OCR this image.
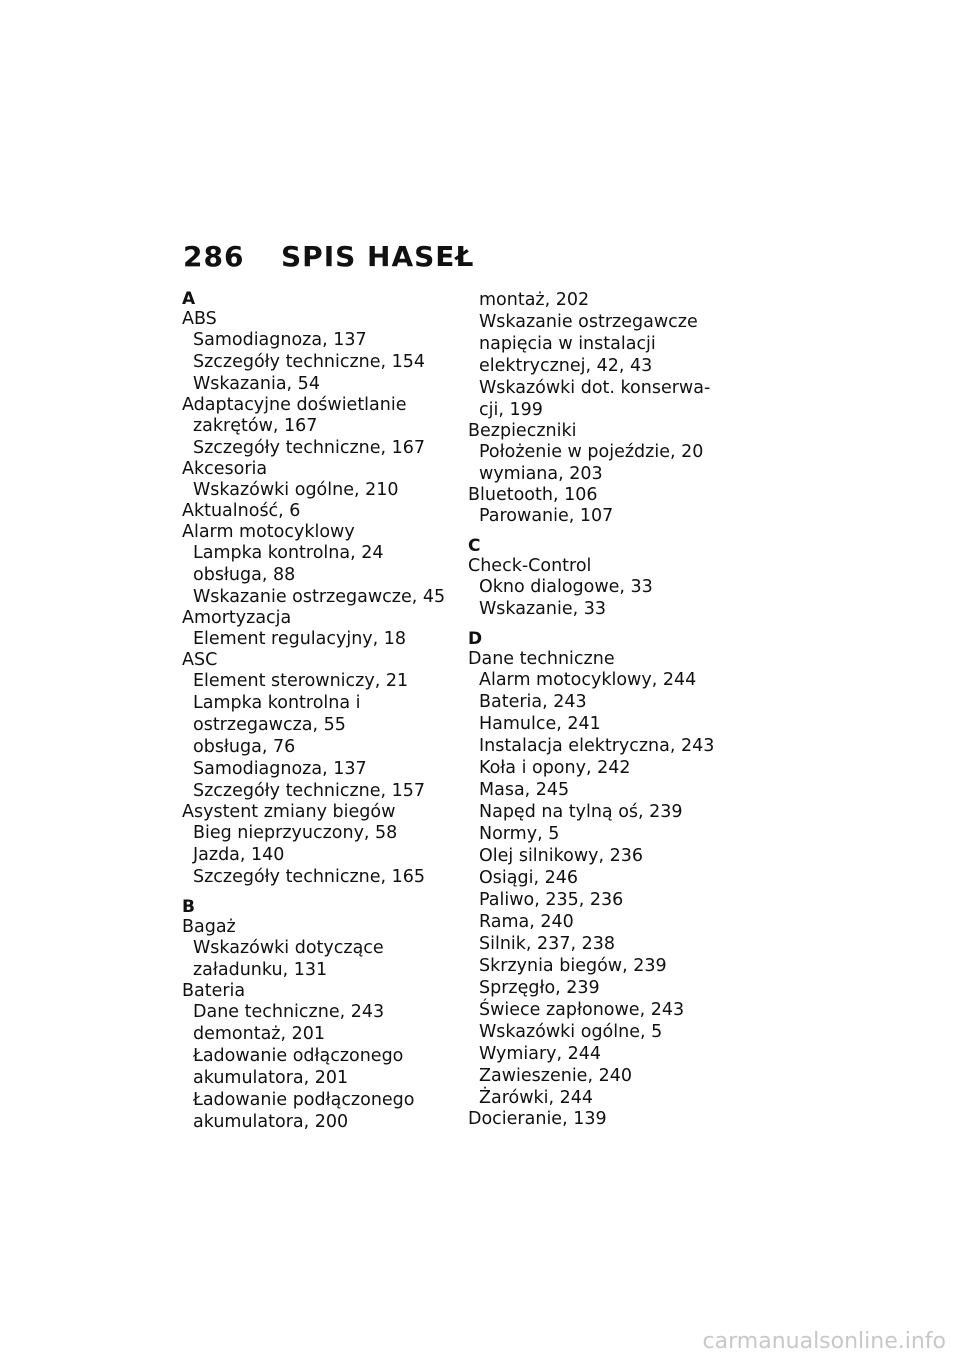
286 SPIS HASEŁ
A
ABS
Samodiagnoza, 137
Szczegóły techniczne, 154
Wskazania, 54
Adaptacyjne doświetlanie
zakrętów, 167
Szczegóły techniczne, 167
Akcesoria
Wskazówki ogólne, 210
Aktualność, 6
Alarm motocyklowy
Lampka kontrolna, 24
obsługa, 88
Wskazanie ostrzegawcze, 45
Amortyzacja
Element regulacyjny, 18
ASC
Element sterowniczy, 21
Lampka kontrolna i
ostrzegawcza, 55
obsługa, 76
Samodiagnoza, 137
Szczegóły techniczne, 157
Asystent zmiany biegów
Bieg nieprzyuczony, 58
Jazda, 140
Szczegóły techniczne, 165
B
Bagaż
Wskazówki dotyczące
załadunku, 131
Bateria
Dane techniczne, 243
demontaż, 201
Ładowanie odłączonego
akumulatora, 201
Ładowanie podłączonego
akumulatora, 200
montaż, 202
Wskazanie ostrzegawcze
napięcia w instalacji
elektrycznej, 42, 43
Wskazówki dot. konserwa-
cji, 199
Bezpieczniki
Położenie w pojeździe, 20
wymiana, 203
Bluetooth, 106
Parowanie, 107
C
Check-Control
Okno dialogowe, 33
Wskazanie, 33
D
Dane techniczne
Alarm motocyklowy, 244
Bateria, 243
Hamulce, 241
Instalacja elektryczna, 243
Koła i opony, 242
Masa, 245
Napęd na tylną oś, 239
Normy, 5
Olej silnikowy, 236
Osiągi, 246
Paliwo, 235, 236
Rama, 240
Silnik, 237, 238
Skrzynia biegów, 239
Sprzęgło, 239
Świece zapłonowe, 243
Wskazówki ogólne, 5
Wymiary, 244
Zawieszenie, 240
Żarówki, 244
Docieranie, 139
carmanualsonline.info
